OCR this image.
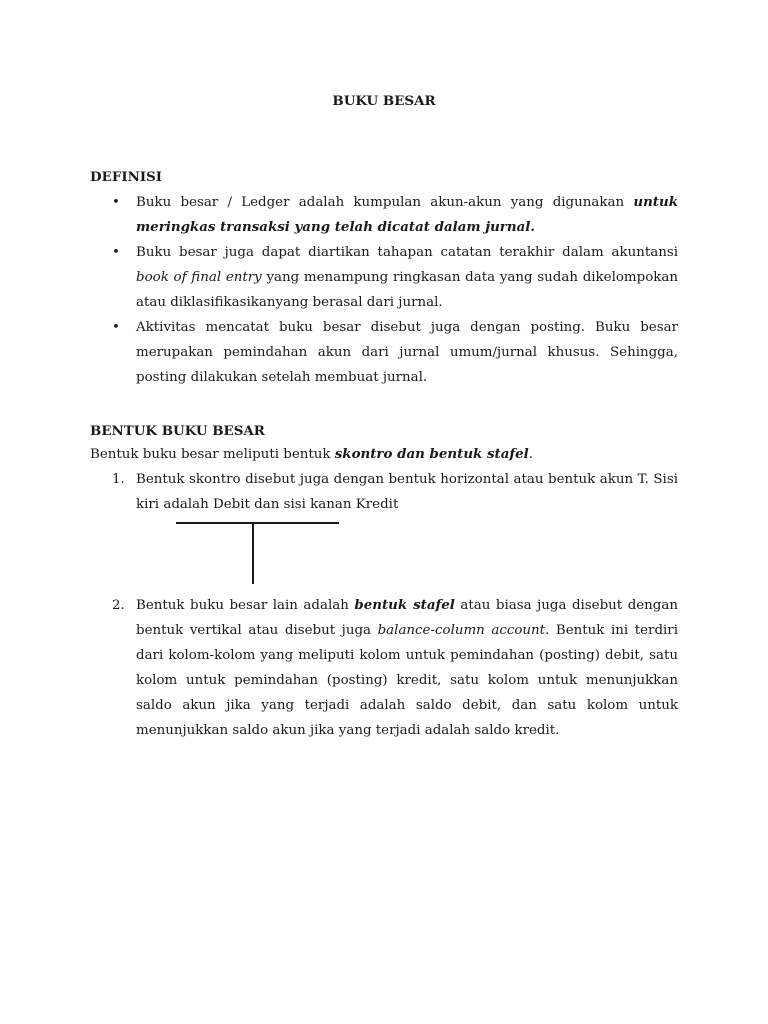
BUKU BESAR
DEFINISI
• Buku besar / Ledger adalah kumpulan akun-akun yang digunakan untuk meringkas transaksi yang telah dicatat dalam jurnal.
• Buku besar juga dapat diartikan tahapan catatan terakhir dalam akuntansi book of final entry yang menampung ringkasan data yang sudah dikelompokan atau diklasifikasikanyang berasal dari jurnal.
• Aktivitas mencatat buku besar disebut juga dengan posting. Buku besar merupakan pemindahan akun dari jurnal umum/jurnal khusus. Sehingga, posting dilakukan setelah membuat jurnal.
BENTUK BUKU BESAR
Bentuk buku besar meliputi bentuk skontro dan bentuk stafel.
1. Bentuk skontro disebut juga dengan bentuk horizontal atau bentuk akun T. Sisi kiri adalah Debit dan sisi kanan Kredit
2. Bentuk buku besar lain adalah bentuk stafel atau biasa juga disebut dengan bentuk vertikal atau disebut juga balance-column account. Bentuk ini terdiri dari kolom-kolom yang meliputi kolom untuk pemindahan (posting) debit, satu kolom untuk pemindahan (posting) kredit, satu kolom untuk menunjukkan saldo akun jika yang terjadi adalah saldo debit, dan satu kolom untuk menunjukkan saldo akun jika yang terjadi adalah saldo kredit.
